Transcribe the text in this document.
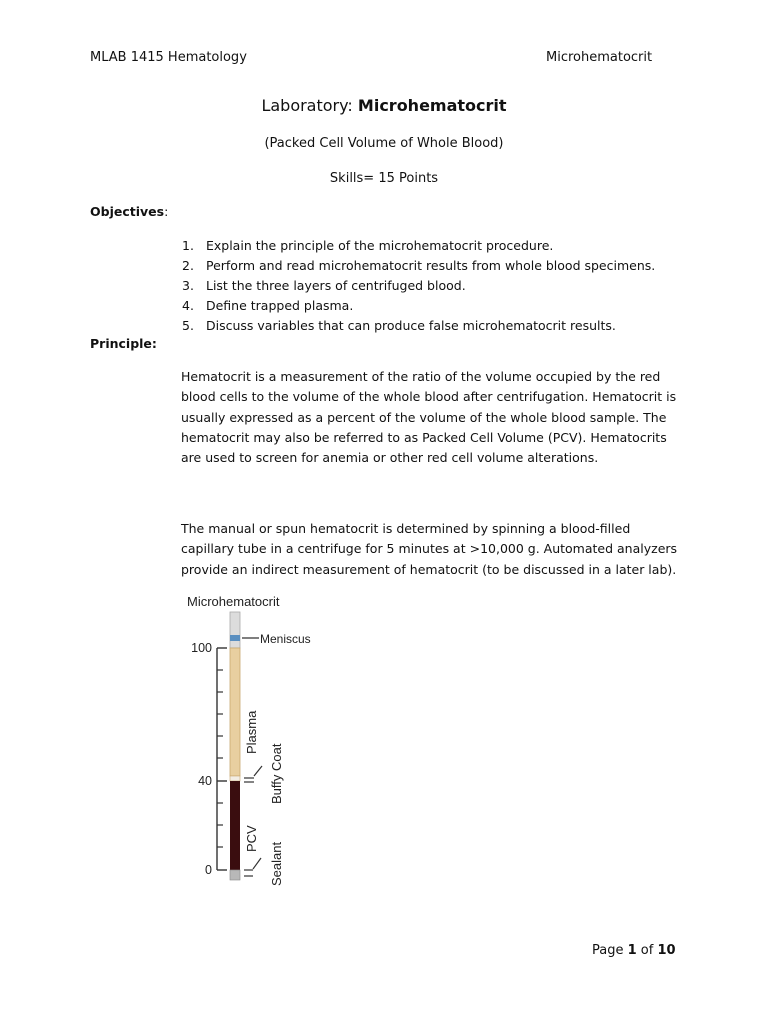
MLAB 1415 Hematology	Microhematocrit
Laboratory: Microhematocrit
(Packed Cell Volume of Whole Blood)
Skills= 15 Points
Objectives:
1. Explain the principle of the microhematocrit procedure.
2. Perform and read microhematocrit results from whole blood specimens.
3. List the three layers of centrifuged blood.
4. Define trapped plasma.
5. Discuss variables that can produce false microhematocrit results.
Principle:

Hematocrit is a measurement of the ratio of the volume occupied by the red blood cells to the volume of the whole blood after centrifugation. Hematocrit is usually expressed as a percent of the volume of the whole blood sample. The hematocrit may also be referred to as Packed Cell Volume (PCV). Hematocrits are used to screen for anemia or other red cell volume alterations.

The manual or spun hematocrit is determined by spinning a blood-filled capillary tube in a centrifuge for 5 minutes at >10,000 g. Automated analyzers provide an indirect measurement of hematocrit (to be discussed in a later lab).

Microhematocrit
100
40
0
Meniscus
Plasma
Buffy Coat
PCV
Sealant
Page 1 of 10
